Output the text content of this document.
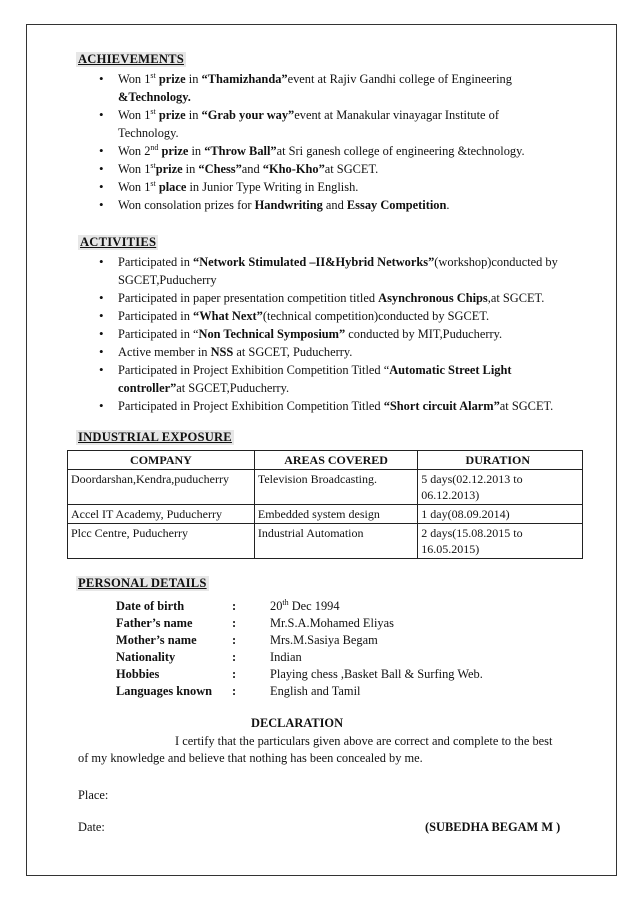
ACHIEVEMENTS
• Won 1st prize in “Thamizhanda”event at Rajiv Gandhi college of Engineering
&Technology.
• Won 1st prize in “Grab your way”event at Manakular vinayagar Institute of
Technology.
• Won 2nd prize in “Throw Ball”at Sri ganesh college of engineering &technology.
• Won 1stprize in “Chess”and “Kho-Kho”at SGCET.
• Won 1st place in Junior Type Writing in English.
• Won consolation prizes for Handwriting and Essay Competition.
ACTIVITIES
• Participated in “Network Stimulated –II&Hybrid Networks”(workshop)conducted by
SGCET,Puducherry
• Participated in paper presentation competition titled Asynchronous Chips,at SGCET.
• Participated in “What Next”(technical competition)conducted by SGCET.
• Participated in “Non Technical Symposium” conducted by MIT,Puducherry.
• Active member in NSS at SGCET, Puducherry.
• Participated in Project Exhibition Competition Titled “Automatic Street Light
controller”at SGCET,Puducherry.
• Participated in Project Exhibition Competition Titled “Short circuit Alarm”at SGCET.
INDUSTRIAL EXPOSURE
COMPANY	AREAS COVERED	DURATION
Doordarshan,Kendra,puducherry	Television Broadcasting.	5 days(02.12.2013 to 06.12.2013)
Accel IT Academy, Puducherry	Embedded system design	1 day(08.09.2014)
Plcc Centre, Puducherry	Industrial Automation	2 days(15.08.2015 to 16.05.2015)
PERSONAL DETAILS
Date of birth	:	20th Dec 1994
Father’s name	:	Mr.S.A.Mohamed Eliyas
Mother’s name	:	Mrs.M.Sasiya Begam
Nationality	:	Indian
Hobbies	:	Playing chess ,Basket Ball & Surfing Web.
Languages known :	English and Tamil
DECLARATION
I certify that the particulars given above are correct and complete to the best
of my knowledge and believe that nothing has been concealed by me.
Place:
Date:	(SUBEDHA BEGAM M )
